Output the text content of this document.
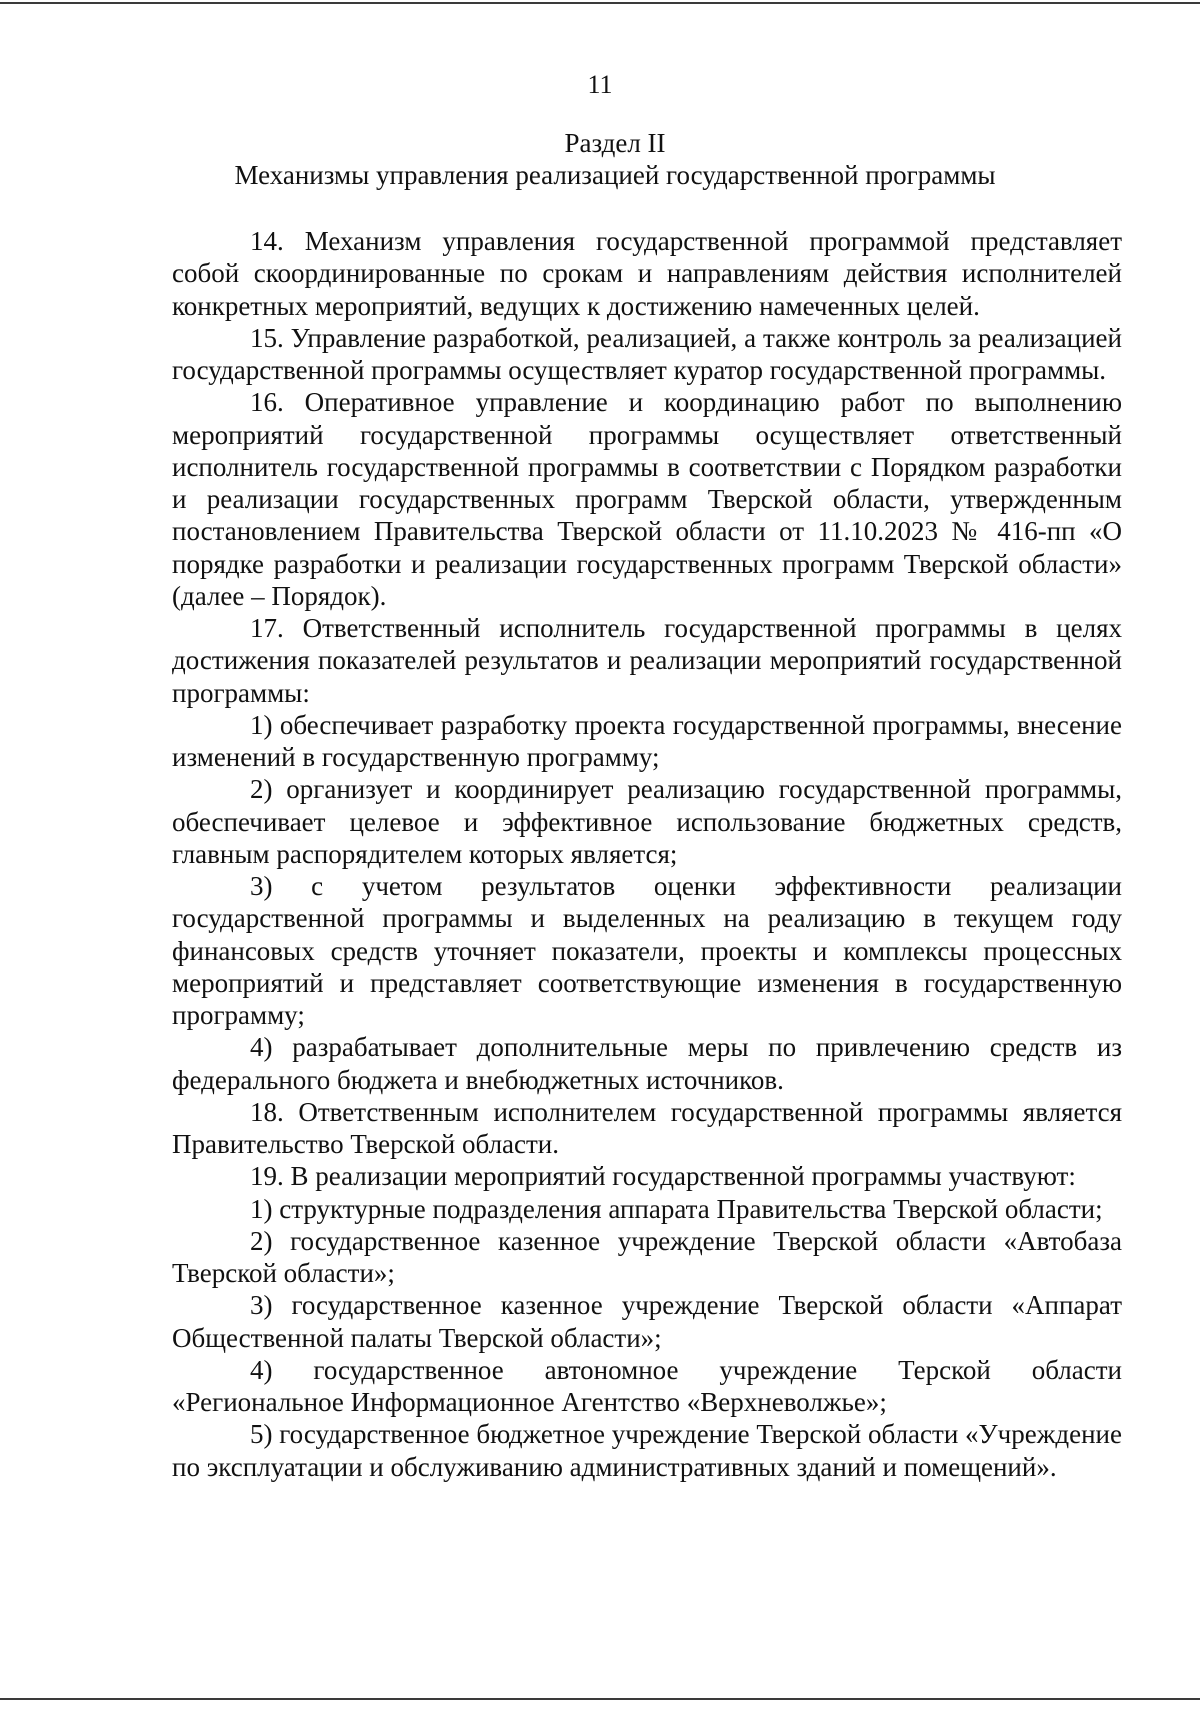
11
Раздел II
Механизмы управления реализацией государственной программы

14. Механизм управления государственной программой представляет собой скоординированные по срокам и направлениям действия исполнителей конкретных мероприятий, ведущих к достижению намеченных целей.

15. Управление разработкой, реализацией, а также контроль за реализацией государственной программы осуществляет куратор государственной программы.

16. Оперативное управление и координацию работ по выполнению мероприятий государственной программы осуществляет ответственный исполнитель государственной программы в соответствии с Порядком разработки и реализации государственных программ Тверской области, утвержденным постановлением Правительства Тверской области от 11.10.2023 № 416-пп «О порядке разработки и реализации государственных программ Тверской области» (далее – Порядок).

17. Ответственный исполнитель государственной программы в целях достижения показателей результатов и реализации мероприятий государственной программы:

1) обеспечивает разработку проекта государственной программы, внесение изменений в государственную программу;

2) организует и координирует реализацию государственной программы, обеспечивает целевое и эффективное использование бюджетных средств, главным распорядителем которых является;

3) с учетом результатов оценки эффективности реализации государственной программы и выделенных на реализацию в текущем году финансовых средств уточняет показатели, проекты и комплексы процессных мероприятий и представляет соответствующие изменения в государственную программу;

4) разрабатывает дополнительные меры по привлечению средств из федерального бюджета и внебюджетных источников.

18. Ответственным исполнителем государственной программы является Правительство Тверской области.

19. В реализации мероприятий государственной программы участвуют:

1) структурные подразделения аппарата Правительства Тверской области;

2) государственное казенное учреждение Тверской области «Автобаза Тверской области»;

3) государственное казенное учреждение Тверской области «Аппарат Общественной палаты Тверской области»;

4) государственное автономное учреждение Терской области «Региональное Информационное Агентство «Верхневолжье»;

5) государственное бюджетное учреждение Тверской области «Учреждение по эксплуатации и обслуживанию административных зданий и помещений».
